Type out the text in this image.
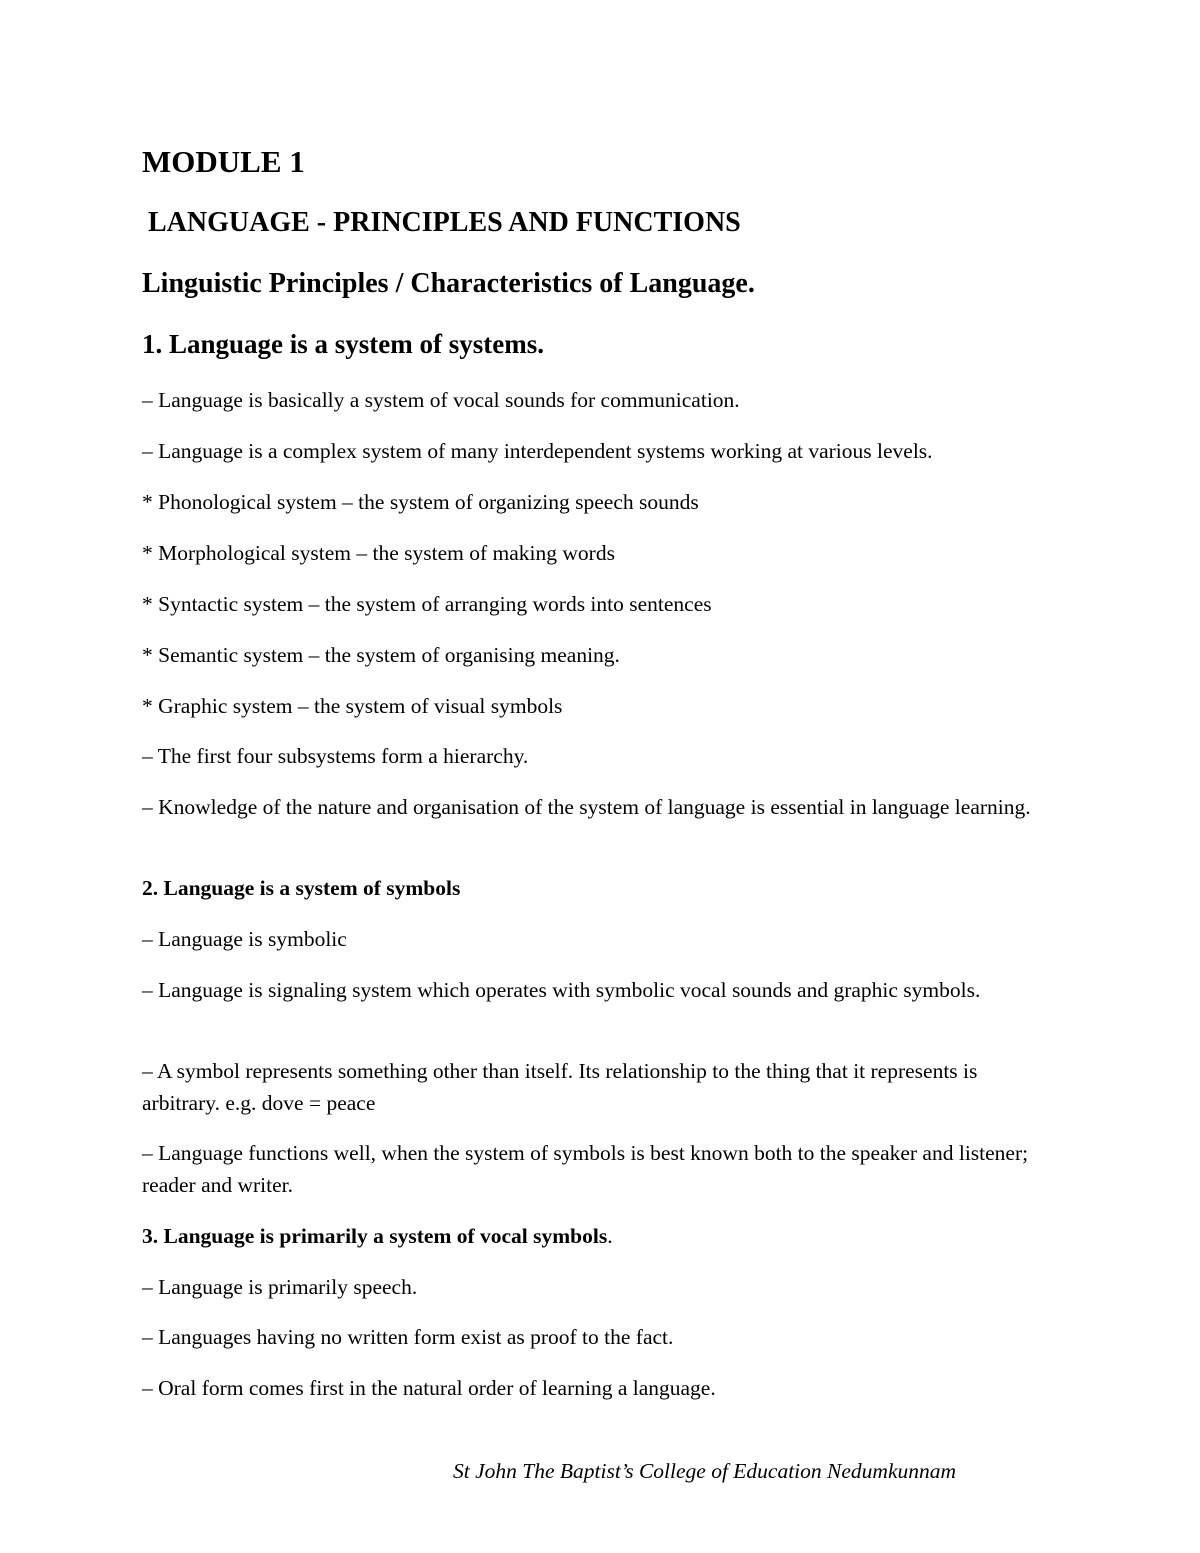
MODULE 1
LANGUAGE - PRINCIPLES AND FUNCTIONS
Linguistic Principles / Characteristics of Language.
1. Language is a system of systems.
– Language is basically a system of vocal sounds for communication.
– Language is a complex system of many interdependent systems working at various levels.
* Phonological system – the system of organizing speech sounds
* Morphological system – the system of making words
* Syntactic system – the system of arranging words into sentences
* Semantic system – the system of organising meaning.
* Graphic system – the system of visual symbols
– The first four subsystems form a hierarchy.
– Knowledge of the nature and organisation of the system of language is essential in language learning.
2. Language is a system of symbols
– Language is symbolic
– Language is signaling system which operates with symbolic vocal sounds and graphic symbols.
– A symbol represents something other than itself. Its relationship to the thing that it represents is arbitrary. e.g. dove = peace
– Language functions well, when the system of symbols is best known both to the speaker and listener; reader and writer.
3. Language is primarily a system of vocal symbols.
– Language is primarily speech.
– Languages having no written form exist as proof to the fact.
– Oral form comes first in the natural order of learning a language.
St John The Baptist’s College of Education Nedumkunnam
